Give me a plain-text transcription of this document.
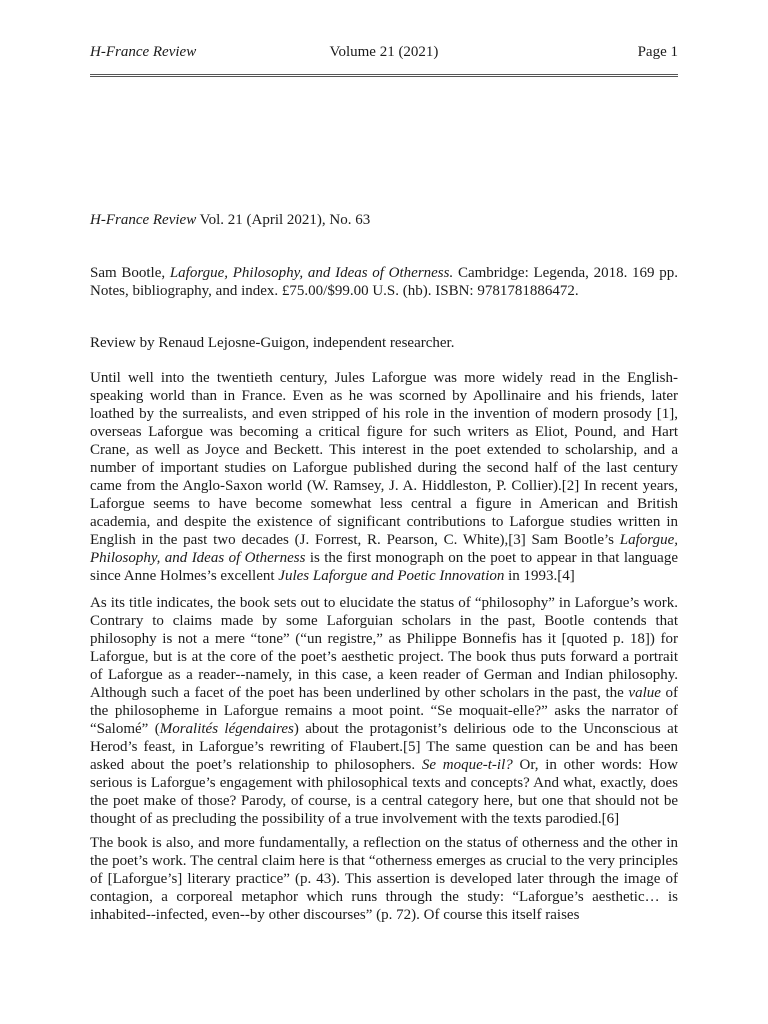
H-France Review	Volume 21 (2021)	Page 1
H-France Review Vol. 21 (April 2021), No. 63
Sam Bootle, Laforgue, Philosophy, and Ideas of Otherness. Cambridge: Legenda, 2018. 169 pp. Notes, bibliography, and index. £75.00/$99.00 U.S. (hb). ISBN: 9781781886472.
Review by Renaud Lejosne-Guigon, independent researcher.

Until well into the twentieth century, Jules Laforgue was more widely read in the English-speaking world than in France. Even as he was scorned by Apollinaire and his friends, later loathed by the surrealists, and even stripped of his role in the invention of modern prosody [1], overseas Laforgue was becoming a critical figure for such writers as Eliot, Pound, and Hart Crane, as well as Joyce and Beckett. This interest in the poet extended to scholarship, and a number of important studies on Laforgue published during the second half of the last century came from the Anglo-Saxon world (W. Ramsey, J. A. Hiddleston, P. Collier).[2] In recent years, Laforgue seems to have become somewhat less central a figure in American and British academia, and despite the existence of significant contributions to Laforgue studies written in English in the past two decades (J. Forrest, R. Pearson, C. White),[3] Sam Bootle’s Laforgue, Philosophy, and Ideas of Otherness is the first monograph on the poet to appear in that language since Anne Holmes’s excellent Jules Laforgue and Poetic Innovation in 1993.[4]

As its title indicates, the book sets out to elucidate the status of “philosophy” in Laforgue’s work. Contrary to claims made by some Laforguian scholars in the past, Bootle contends that philosophy is not a mere “tone” (“un registre,” as Philippe Bonnefis has it [quoted p. 18]) for Laforgue, but is at the core of the poet’s aesthetic project. The book thus puts forward a portrait of Laforgue as a reader--namely, in this case, a keen reader of German and Indian philosophy. Although such a facet of the poet has been underlined by other scholars in the past, the value of the philosopheme in Laforgue remains a moot point. “Se moquait-elle?” asks the narrator of “Salomé” (Moralités légendaires) about the protagonist’s delirious ode to the Unconscious at Herod’s feast, in Laforgue’s rewriting of Flaubert.[5] The same question can be and has been asked about the poet’s relationship to philosophers. Se moque-t-il? Or, in other words: How serious is Laforgue’s engagement with philosophical texts and concepts? And what, exactly, does the poet make of those? Parody, of course, is a central category here, but one that should not be thought of as precluding the possibility of a true involvement with the texts parodied.[6]

The book is also, and more fundamentally, a reflection on the status of otherness and the other in the poet’s work. The central claim here is that “otherness emerges as crucial to the very principles of [Laforgue’s] literary practice” (p. 43). This assertion is developed later through the image of contagion, a corporeal metaphor which runs through the study: “Laforgue’s aesthetic… is inhabited--infected, even--by other discourses” (p. 72). Of course this itself raises
